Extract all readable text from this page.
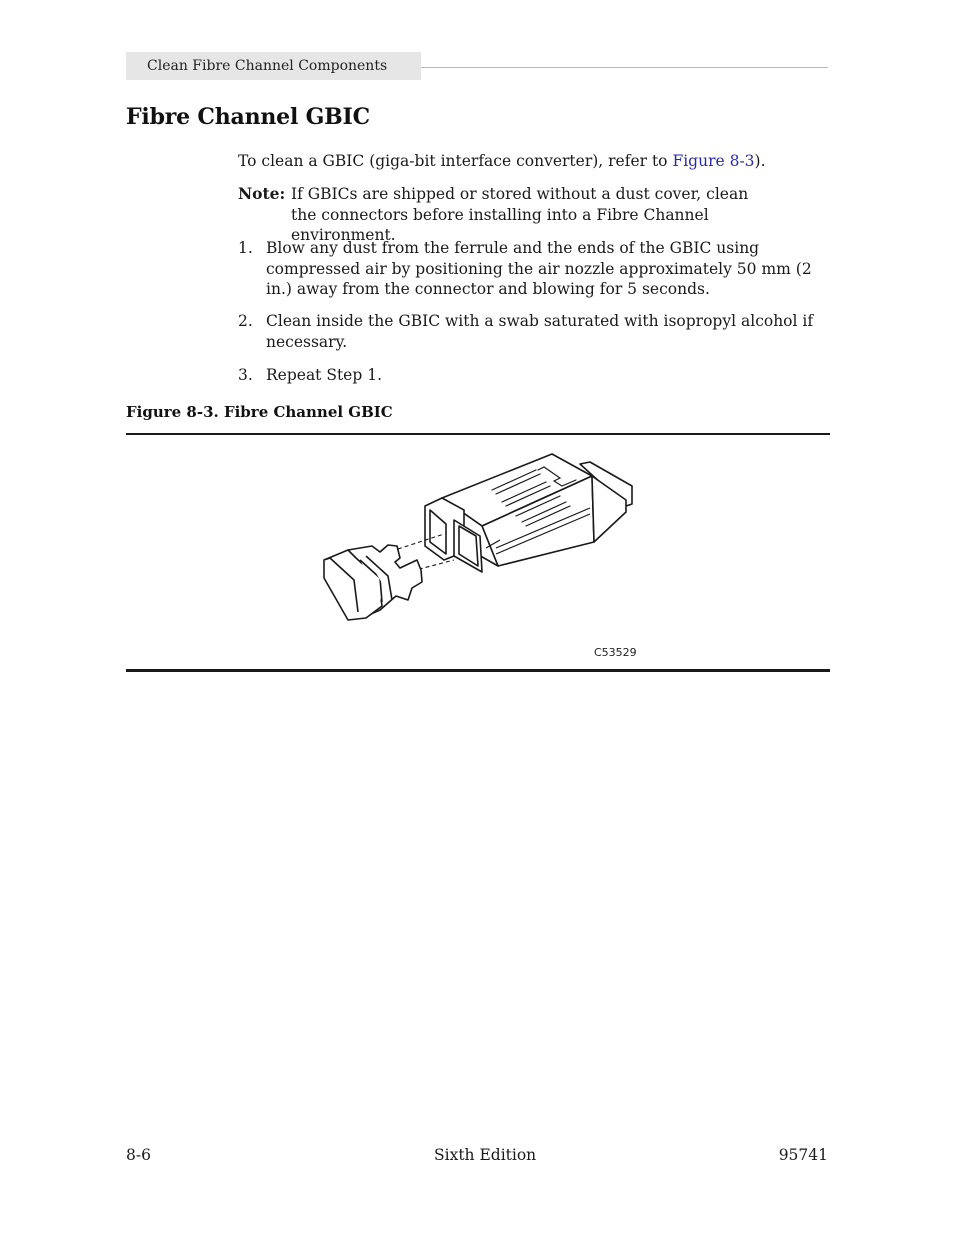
Clean Fibre Channel Components
Fibre Channel GBIC
To clean a GBIC (giga-bit interface converter), refer to Figure 8-3).
Note: If GBICs are shipped or stored without a dust cover, clean the connectors before installing into a Fibre Channel environment.
1. Blow any dust from the ferrule and the ends of the GBIC using compressed air by positioning the air nozzle approximately 50 mm (2 in.) away from the connector and blowing for 5 seconds.
2. Clean inside the GBIC with a swab saturated with isopropyl alcohol if necessary.
3. Repeat Step 1.
Figure 8-3. Fibre Channel GBIC
C53529
8-6	Sixth Edition	95741
